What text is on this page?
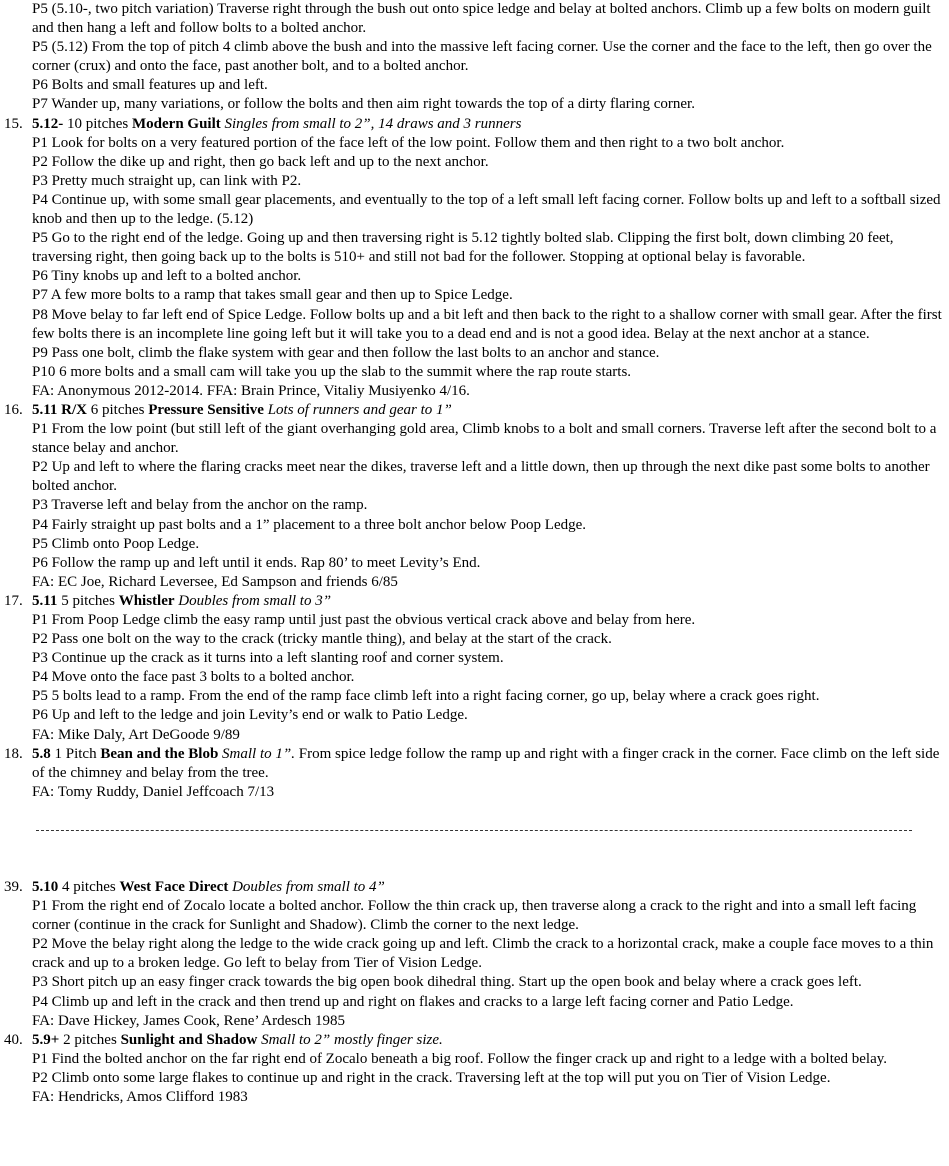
P5 (5.10-, two pitch variation) Traverse right through the bush out onto spice ledge and belay at bolted anchors. Climb up a few bolts on modern guilt and then hang a left and follow bolts to a bolted anchor.
P5 (5.12) From the top of pitch 4 climb above the bush and into the massive left facing corner. Use the corner and the face to the left, then go over the corner (crux) and onto the face, past another bolt, and to a bolted anchor.
P6 Bolts and small features up and left.
P7 Wander up, many variations, or follow the bolts and then aim right towards the top of a dirty flaring corner.
15. 5.12- 10 pitches Modern Guilt Singles from small to 2”, 14 draws and 3 runners
P1 Look for bolts on a very featured portion of the face left of the low point. Follow them and then right to a two bolt anchor.
P2 Follow the dike up and right, then go back left and up to the next anchor.
P3 Pretty much straight up, can link with P2.
P4 Continue up, with some small gear placements, and eventually to the top of a left small left facing corner. Follow bolts up and left to a softball sized knob and then up to the ledge. (5.12)
P5 Go to the right end of the ledge. Going up and then traversing right is 5.12 tightly bolted slab. Clipping the first bolt, down climbing 20 feet, traversing right, then going back up to the bolts is 510+ and still not bad for the follower. Stopping at optional belay is favorable.
P6 Tiny knobs up and left to a bolted anchor.
P7 A few more bolts to a ramp that takes small gear and then up to Spice Ledge.
P8 Move belay to far left end of Spice Ledge. Follow bolts up and a bit left and then back to the right to a shallow corner with small gear. After the first few bolts there is an incomplete line going left but it will take you to a dead end and is not a good idea. Belay at the next anchor at a stance.
P9 Pass one bolt, climb the flake system with gear and then follow the last bolts to an anchor and stance.
P10 6 more bolts and a small cam will take you up the slab to the summit where the rap route starts.
FA: Anonymous 2012-2014. FFA: Brain Prince, Vitaliy Musiyenko 4/16.
16. 5.11 R/X 6 pitches Pressure Sensitive Lots of runners and gear to 1”
P1 From the low point (but still left of the giant overhanging gold area, Climb knobs to a bolt and small corners. Traverse left after the second bolt to a stance belay and anchor.
P2 Up and left to where the flaring cracks meet near the dikes, traverse left and a little down, then up through the next dike past some bolts to another bolted anchor.
P3 Traverse left and belay from the anchor on the ramp.
P4 Fairly straight up past bolts and a 1” placement to a three bolt anchor below Poop Ledge.
P5 Climb onto Poop Ledge.
P6 Follow the ramp up and left until it ends. Rap 80’ to meet Levity’s End.
FA: EC Joe, Richard Leversee, Ed Sampson and friends 6/85
17. 5.11 5 pitches Whistler Doubles from small to 3”
P1 From Poop Ledge climb the easy ramp until just past the obvious vertical crack above and belay from here.
P2 Pass one bolt on the way to the crack (tricky mantle thing), and belay at the start of the crack.
P3 Continue up the crack as it turns into a left slanting roof and corner system.
P4 Move onto the face past 3 bolts to a bolted anchor.
P5 5 bolts lead to a ramp. From the end of the ramp face climb left into a right facing corner, go up, belay where a crack goes right.
P6 Up and left to the ledge and join Levity’s end or walk to Patio Ledge.
FA: Mike Daly, Art DeGoode 9/89
18. 5.8 1 Pitch Bean and the Blob Small to 1”. From spice ledge follow the ramp up and right with a finger crack in the corner. Face climb on the left side of the chimney and belay from the tree.
FA: Tomy Ruddy, Daniel Jeffcoach 7/13
39. 5.10 4 pitches West Face Direct Doubles from small to 4”
P1 From the right end of Zocalo locate a bolted anchor. Follow the thin crack up, then traverse along a crack to the right and into a small left facing corner (continue in the crack for Sunlight and Shadow). Climb the corner to the next ledge.
P2 Move the belay right along the ledge to the wide crack going up and left. Climb the crack to a horizontal crack, make a couple face moves to a thin crack and up to a broken ledge. Go left to belay from Tier of Vision Ledge.
P3 Short pitch up an easy finger crack towards the big open book dihedral thing. Start up the open book and belay where a crack goes left.
P4 Climb up and left in the crack and then trend up and right on flakes and cracks to a large left facing corner and Patio Ledge.
FA: Dave Hickey, James Cook, Rene’ Ardesch 1985
40. 5.9+ 2 pitches Sunlight and Shadow Small to 2” mostly finger size.
P1 Find the bolted anchor on the far right end of Zocalo beneath a big roof. Follow the finger crack up and right to a ledge with a bolted belay.
P2 Climb onto some large flakes to continue up and right in the crack. Traversing left at the top will put you on Tier of Vision Ledge.
FA: Hendricks, Amos Clifford 1983
